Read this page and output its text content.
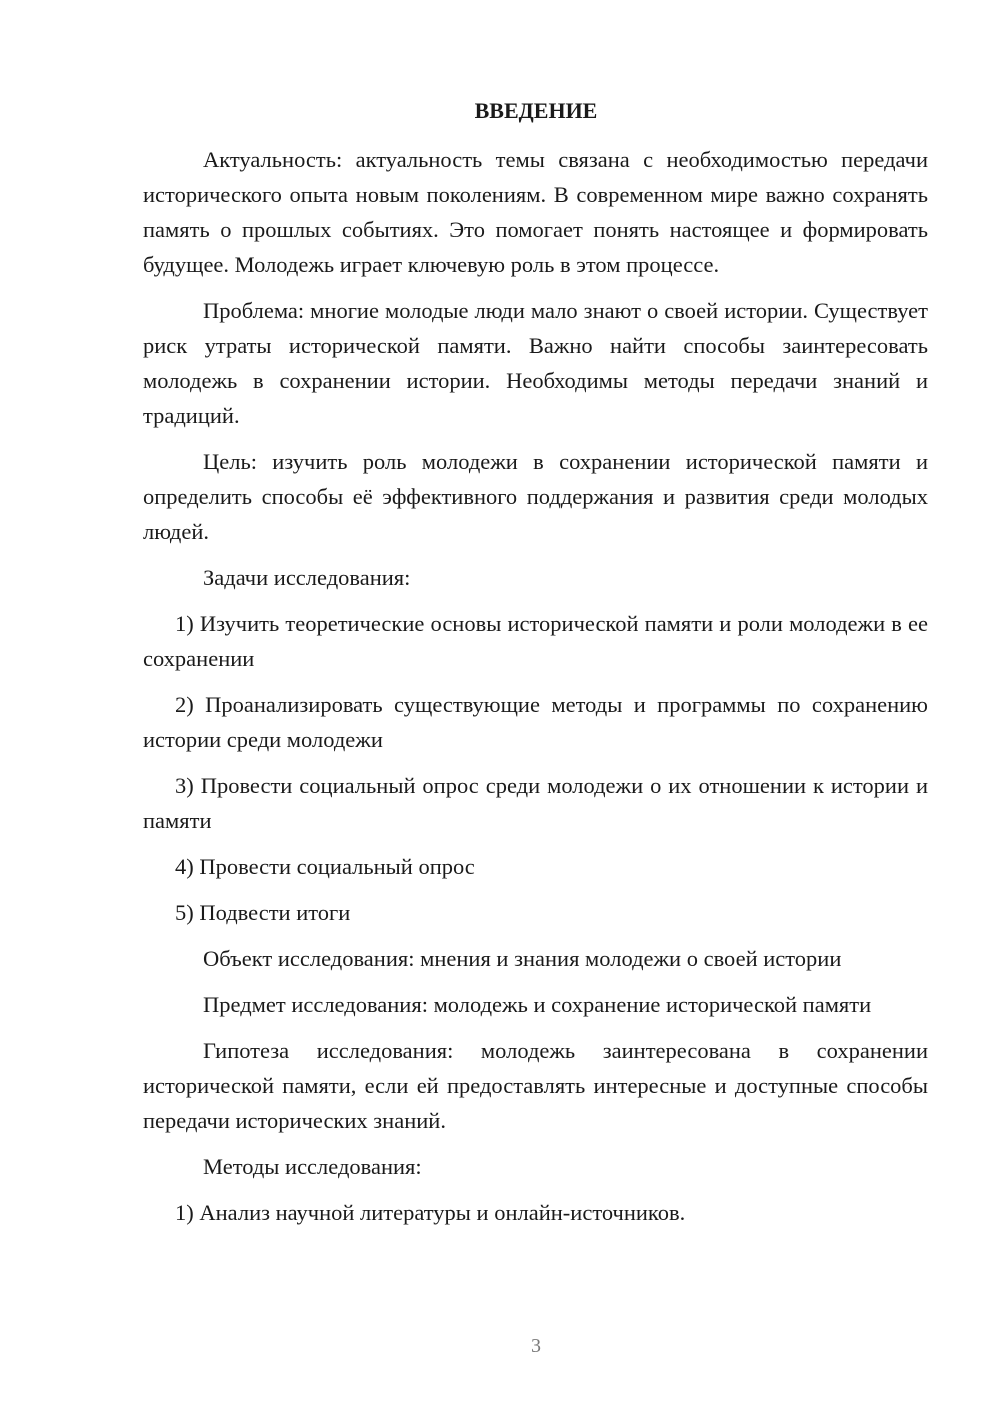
ВВЕДЕНИЕ

Актуальность: актуальность темы связана с необходимостью передачи исторического опыта новым поколениям. В современном мире важно сохранять память о прошлых событиях. Это помогает понять настоящее и формировать будущее. Молодежь играет ключевую роль в этом процессе.

Проблема: многие молодые люди мало знают о своей истории. Существует риск утраты исторической памяти. Важно найти способы заинтересовать молодежь в сохранении истории. Необходимы методы передачи знаний и традиций.

Цель: изучить роль молодежи в сохранении исторической памяти и определить способы её эффективного поддержания и развития среди молодых людей.

Задачи исследования:

1) Изучить теоретические основы исторической памяти и роли молодежи в ее сохранении

2) Проанализировать существующие методы и программы по сохранению истории среди молодежи

3) Провести социальный опрос среди молодежи о их отношении к истории и памяти

4) Провести социальный опрос

5) Подвести итоги

Объект исследования: мнения и знания молодежи о своей истории

Предмет исследования: молодежь и сохранение исторической памяти

Гипотеза исследования: молодежь заинтересована в сохранении исторической памяти, если ей предоставлять интересные и доступные способы передачи исторических знаний.

Методы исследования:

1) Анализ научной литературы и онлайн-источников.

3
